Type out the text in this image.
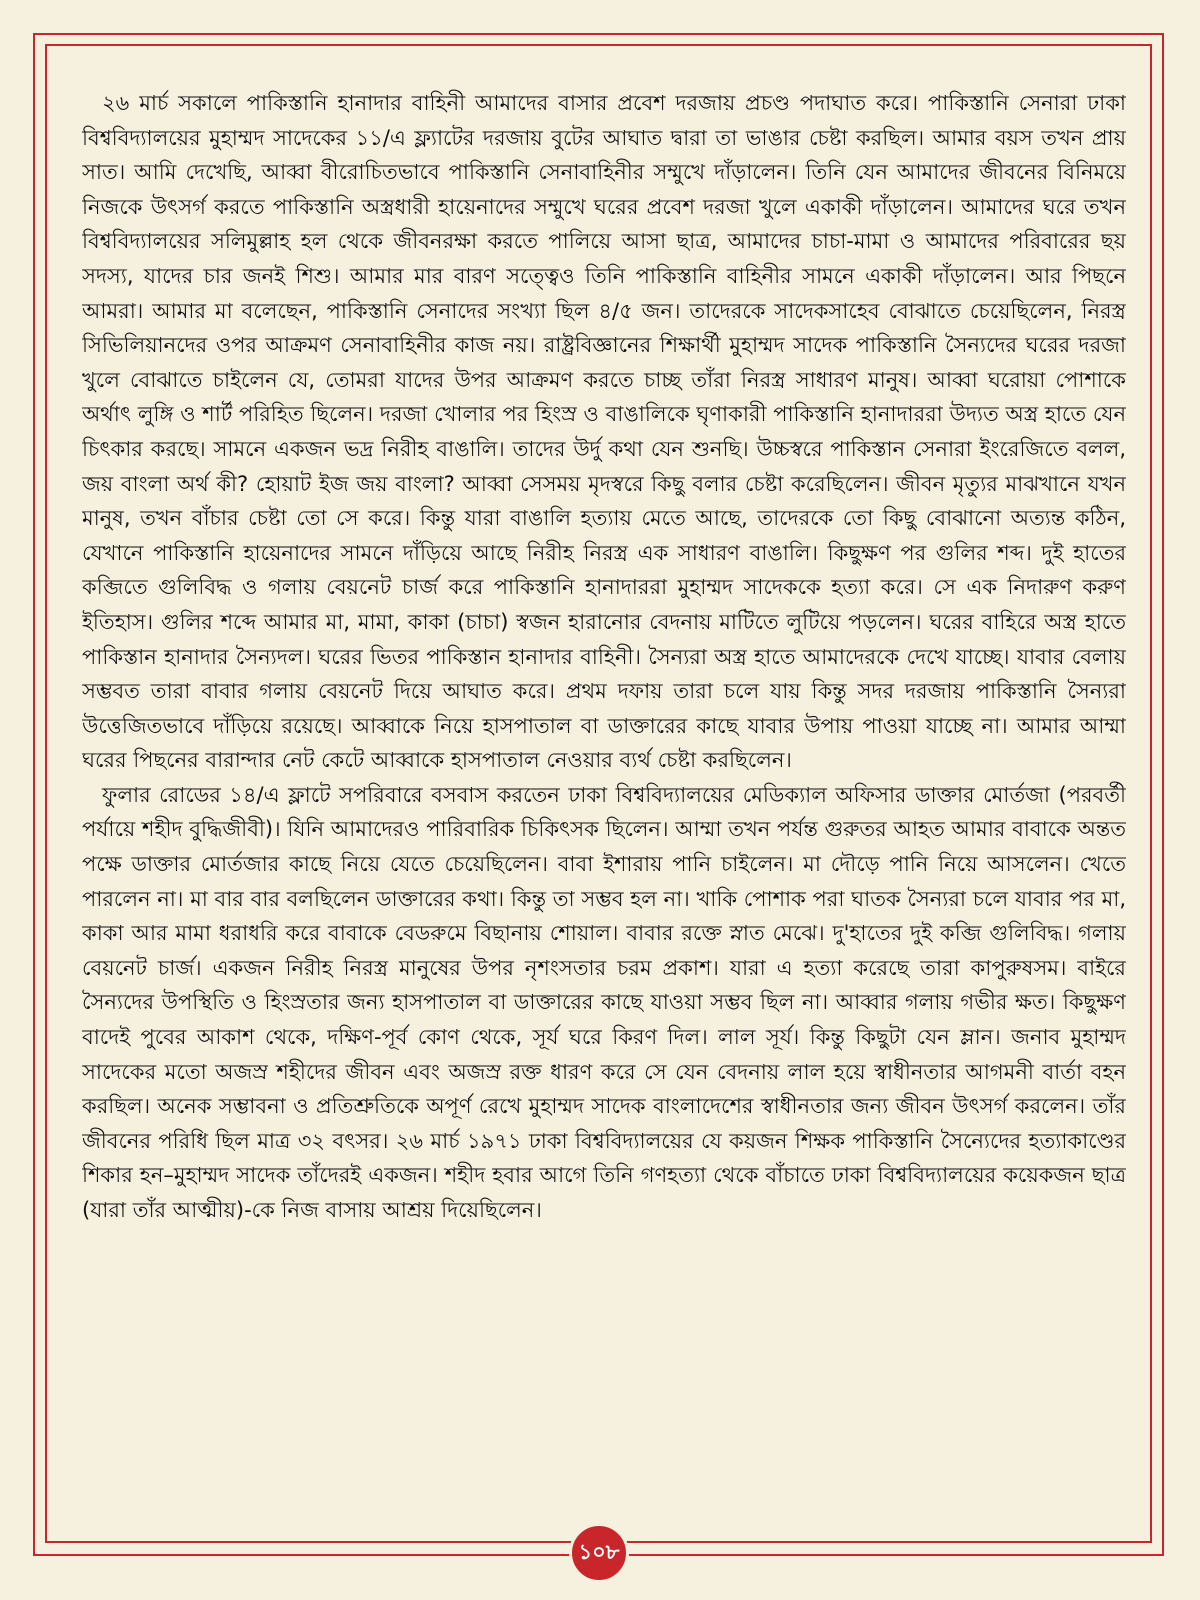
২৬ মার্চ সকালে পাকিস্তানি হানাদার বাহিনী আমাদের বাসার প্রবেশ দরজায় প্রচণ্ড পদাঘাত করে। পাকিস্তানি সেনারা ঢাকা বিশ্ববিদ্যালয়ের মুহাম্মদ সাদেকের ১১/এ ফ্ল্যাটের দরজায় বুটের আঘাত দ্বারা তা ভাঙার চেষ্টা করছিল। আমার বয়স তখন প্রায় সাত। আমি দেখেছি, আব্বা বীরোচিতভাবে পাকিস্তানি সেনাবাহিনীর সম্মুখে দাঁড়ালেন। তিনি যেন আমাদের জীবনের বিনিময়ে নিজকে উৎসর্গ করতে পাকিস্তানি অস্ত্রধারী হায়েনাদের সম্মুখে ঘরের প্রবেশ দরজা খুলে একাকী দাঁড়ালেন। আমাদের ঘরে তখন বিশ্ববিদ্যালয়ের সলিমুল্লাহ হল থেকে জীবনরক্ষা করতে পালিয়ে আসা ছাত্র, আমাদের চাচা-মামা ও আমাদের পরিবারের ছয় সদস্য, যাদের চার জনই শিশু। আমার মার বারণ সত্ত্বেও তিনি পাকিস্তানি বাহিনীর সামনে একাকী দাঁড়ালেন। আর পিছনে আমরা। আমার মা বলেছেন, পাকিস্তানি সেনাদের সংখ্যা ছিল ৪/৫ জন। তাদেরকে সাদেকসাহেব বোঝাতে চেয়েছিলেন, নিরস্ত্র সিভিলিয়ানদের ওপর আক্রমণ সেনাবাহিনীর কাজ নয়। রাষ্ট্রবিজ্ঞানের শিক্ষার্থী মুহাম্মদ সাদেক পাকিস্তানি সৈন্যদের ঘরের দরজা খুলে বোঝাতে চাইলেন যে, তোমরা যাদের উপর আক্রমণ করতে চাচ্ছ তাঁরা নিরস্ত্র সাধারণ মানুষ। আব্বা ঘরোয়া পোশাকে অর্থাৎ লুঙ্গি ও শার্ট পরিহিত ছিলেন। দরজা খোলার পর হিংস্র ও বাঙালিকে ঘৃণাকারী পাকিস্তানি হানাদাররা উদ্যত অস্ত্র হাতে যেন চিৎকার করছে। সামনে একজন ভদ্র নিরীহ বাঙালি। তাদের উর্দু কথা যেন শুনছি। উচ্চস্বরে পাকিস্তান সেনারা ইংরেজিতে বলল, জয় বাংলা অর্থ কী? হোয়াট ইজ জয় বাংলা? আব্বা সেসময় মৃদস্বরে কিছু বলার চেষ্টা করেছিলেন। জীবন মৃত্যুর মাঝখানে যখন মানুষ, তখন বাঁচার চেষ্টা তো সে করে। কিন্তু যারা বাঙালি হত্যায় মেতে আছে, তাদেরকে তো কিছু বোঝানো অত্যন্ত কঠিন, যেখানে পাকিস্তানি হায়েনাদের সামনে দাঁড়িয়ে আছে নিরীহ নিরস্ত্র এক সাধারণ বাঙালি। কিছুক্ষণ পর গুলির শব্দ। দুই হাতের কব্জিতে গুলিবিদ্ধ ও গলায় বেয়নেট চার্জ করে পাকিস্তানি হানাদাররা মুহাম্মদ সাদেককে হত্যা করে। সে এক নিদারুণ করুণ ইতিহাস। গুলির শব্দে আমার মা, মামা, কাকা (চাচা) স্বজন হারানোর বেদনায় মাটিতে লুটিয়ে পড়লেন। ঘরের বাহিরে অস্ত্র হাতে পাকিস্তান হানাদার সৈন্যদল। ঘরের ভিতর পাকিস্তান হানাদার বাহিনী। সৈন্যরা অস্ত্র হাতে আমাদেরকে দেখে যাচ্ছে। যাবার বেলায় সম্ভবত তারা বাবার গলায় বেয়নেট দিয়ে আঘাত করে। প্রথম দফায় তারা চলে যায় কিন্তু সদর দরজায় পাকিস্তানি সৈন্যরা উত্তেজিতভাবে দাঁড়িয়ে রয়েছে। আব্বাকে নিয়ে হাসপাতাল বা ডাক্তারের কাছে যাবার উপায় পাওয়া যাচ্ছে না। আমার আম্মা ঘরের পিছনের বারান্দার নেট কেটে আব্বাকে হাসপাতাল নেওয়ার ব্যর্থ চেষ্টা করছিলেন।

ফুলার রোডের ১৪/এ ফ্লাটে সপরিবারে বসবাস করতেন ঢাকা বিশ্ববিদ্যালয়ের মেডিক্যাল অফিসার ডাক্তার মোর্তজা (পরবর্তী পর্যায়ে শহীদ বুদ্ধিজীবী)। যিনি আমাদেরও পারিবারিক চিকিৎসক ছিলেন। আম্মা তখন পর্যন্ত গুরুতর আহত আমার বাবাকে অন্তত পক্ষে ডাক্তার মোর্তজার কাছে নিয়ে যেতে চেয়েছিলেন। বাবা ইশারায় পানি চাইলেন। মা দৌড়ে পানি নিয়ে আসলেন। খেতে পারলেন না। মা বার বার বলছিলেন ডাক্তারের কথা। কিন্তু তা সম্ভব হল না। খাকি পোশাক পরা ঘাতক সৈন্যরা চলে যাবার পর মা, কাকা আর মামা ধরাধরি করে বাবাকে বেডরুমে বিছানায় শোয়াল। বাবার রক্তে স্নাত মেঝে। দু'হাতের দুই কব্জি গুলিবিদ্ধ। গলায় বেয়নেট চার্জ। একজন নিরীহ নিরস্ত্র মানুষের উপর নৃশংসতার চরম প্রকাশ। যারা এ হত্যা করেছে তারা কাপুরুষসম। বাইরে সৈন্যদের উপস্থিতি ও হিংস্রতার জন্য হাসপাতাল বা ডাক্তারের কাছে যাওয়া সম্ভব ছিল না। আব্বার গলায় গভীর ক্ষত। কিছুক্ষণ বাদেই পুবের আকাশ থেকে, দক্ষিণ-পূর্ব কোণ থেকে, সূর্য ঘরে কিরণ দিল। লাল সূর্য। কিন্তু কিছুটা যেন ম্লান। জনাব মুহাম্মদ সাদেকের মতো অজস্র শহীদের জীবন এবং অজস্র রক্ত ধারণ করে সে যেন বেদনায় লাল হয়ে স্বাধীনতার আগমনী বার্তা বহন করছিল। অনেক সম্ভাবনা ও প্রতিশ্রুতিকে অপূর্ণ রেখে মুহাম্মদ সাদেক বাংলাদেশের স্বাধীনতার জন্য জীবন উৎসর্গ করলেন। তাঁর জীবনের পরিধি ছিল মাত্র ৩২ বৎসর। ২৬ মার্চ ১৯৭১ ঢাকা বিশ্ববিদ্যালয়ের যে কয়জন শিক্ষক পাকিস্তানি সৈন্যেদের হত্যাকাণ্ডের শিকার হন–মুহাম্মদ সাদেক তাঁদেরই একজন। শহীদ হবার আগে তিনি গণহত্যা থেকে বাঁচাতে ঢাকা বিশ্ববিদ্যালয়ের কয়েকজন ছাত্র (যারা তাঁর আত্মীয়)-কে নিজ বাসায় আশ্রয় দিয়েছিলেন।

১০৮
